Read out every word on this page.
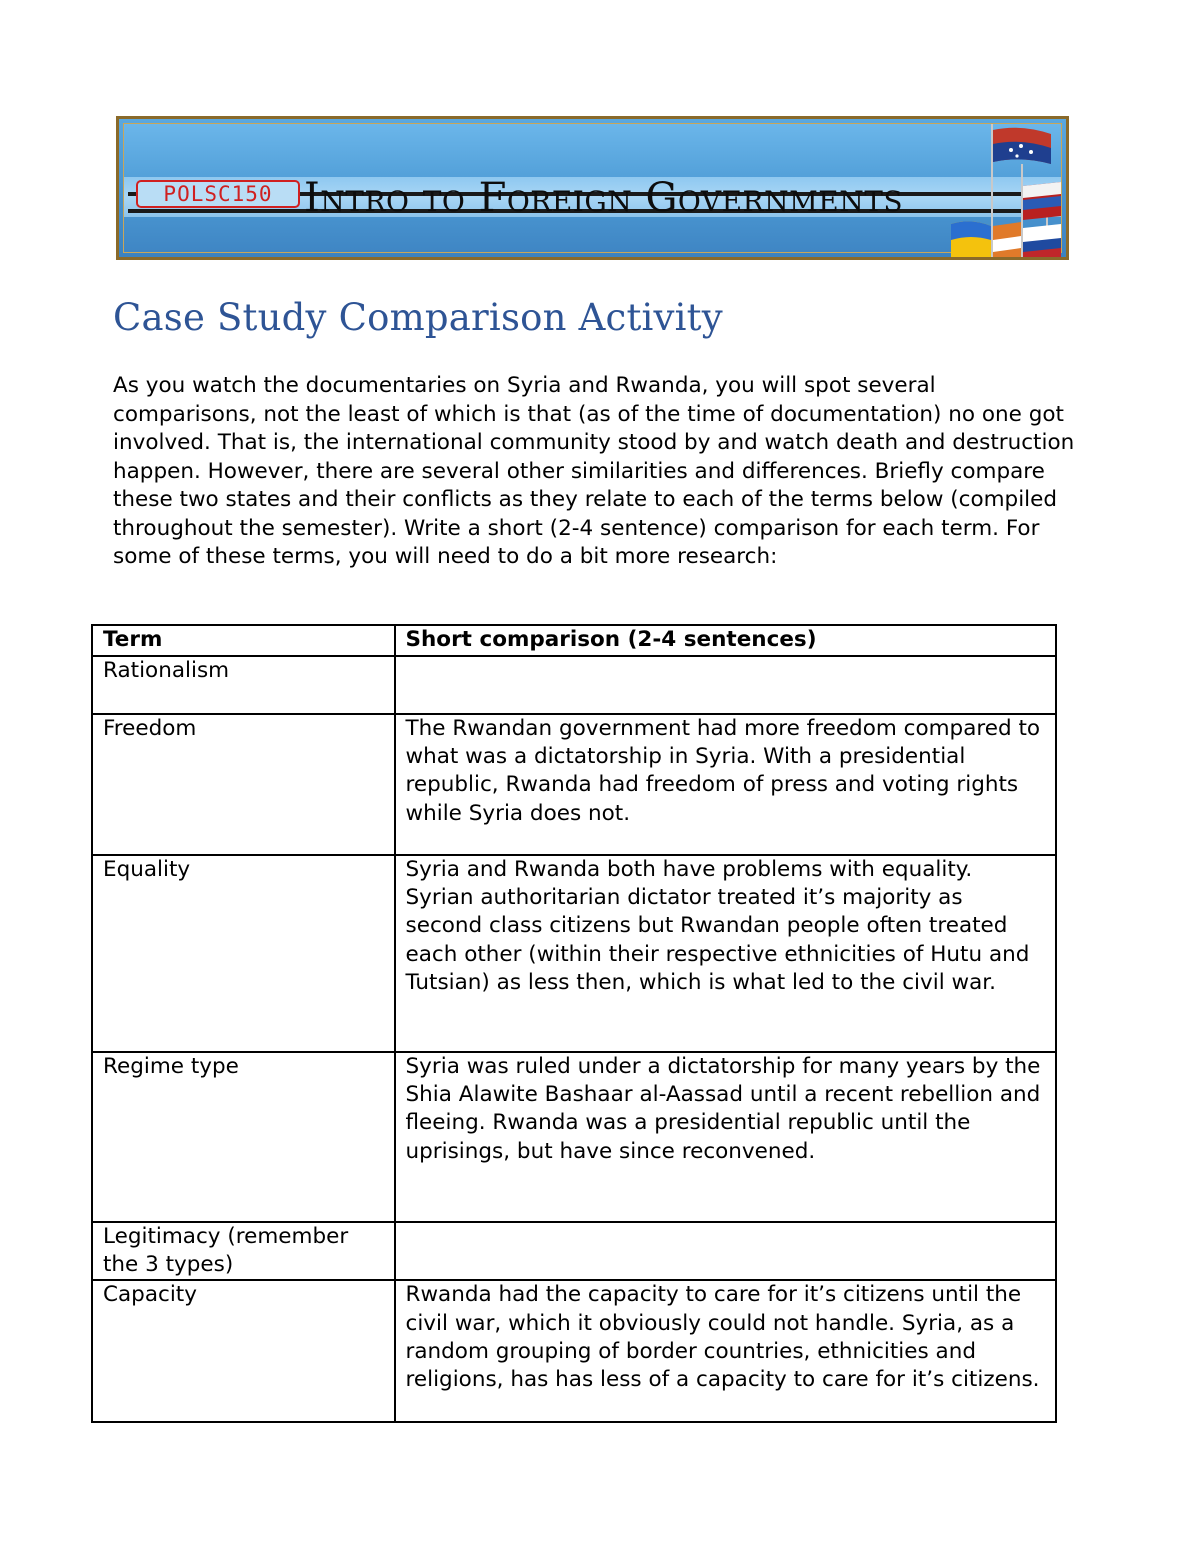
POLSC150 Intro to Foreign Governments
Case Study Comparison Activity

As you watch the documentaries on Syria and Rwanda, you will spot several comparisons, not the least of which is that (as of the time of documentation) no one got involved. That is, the international community stood by and watch death and destruction happen. However, there are several other similarities and differences. Briefly compare these two states and their conflicts as they relate to each of the terms below (compiled throughout the semester). Write a short (2-4 sentence) comparison for each term. For some of these terms, you will need to do a bit more research:

Term	Short comparison (2-4 sentences)
Rationalism	
Freedom	The Rwandan government had more freedom compared to what was a dictatorship in Syria. With a presidential republic, Rwanda had freedom of press and voting rights while Syria does not.
Equality	Syria and Rwanda both have problems with equality. Syrian authoritarian dictator treated it’s majority as second class citizens but Rwandan people often treated each other (within their respective ethnicities of Hutu and Tutsian) as less then, which is what led to the civil war.
Regime type	Syria was ruled under a dictatorship for many years by the Shia Alawite Bashaar al-Aassad until a recent rebellion and fleeing. Rwanda was a presidential republic until the uprisings, but have since reconvened.
Legitimacy (remember the 3 types)	
Capacity	Rwanda had the capacity to care for it’s citizens until the civil war, which it obviously could not handle. Syria, as a random grouping of border countries, ethnicities and religions, has has less of a capacity to care for it’s citizens.
